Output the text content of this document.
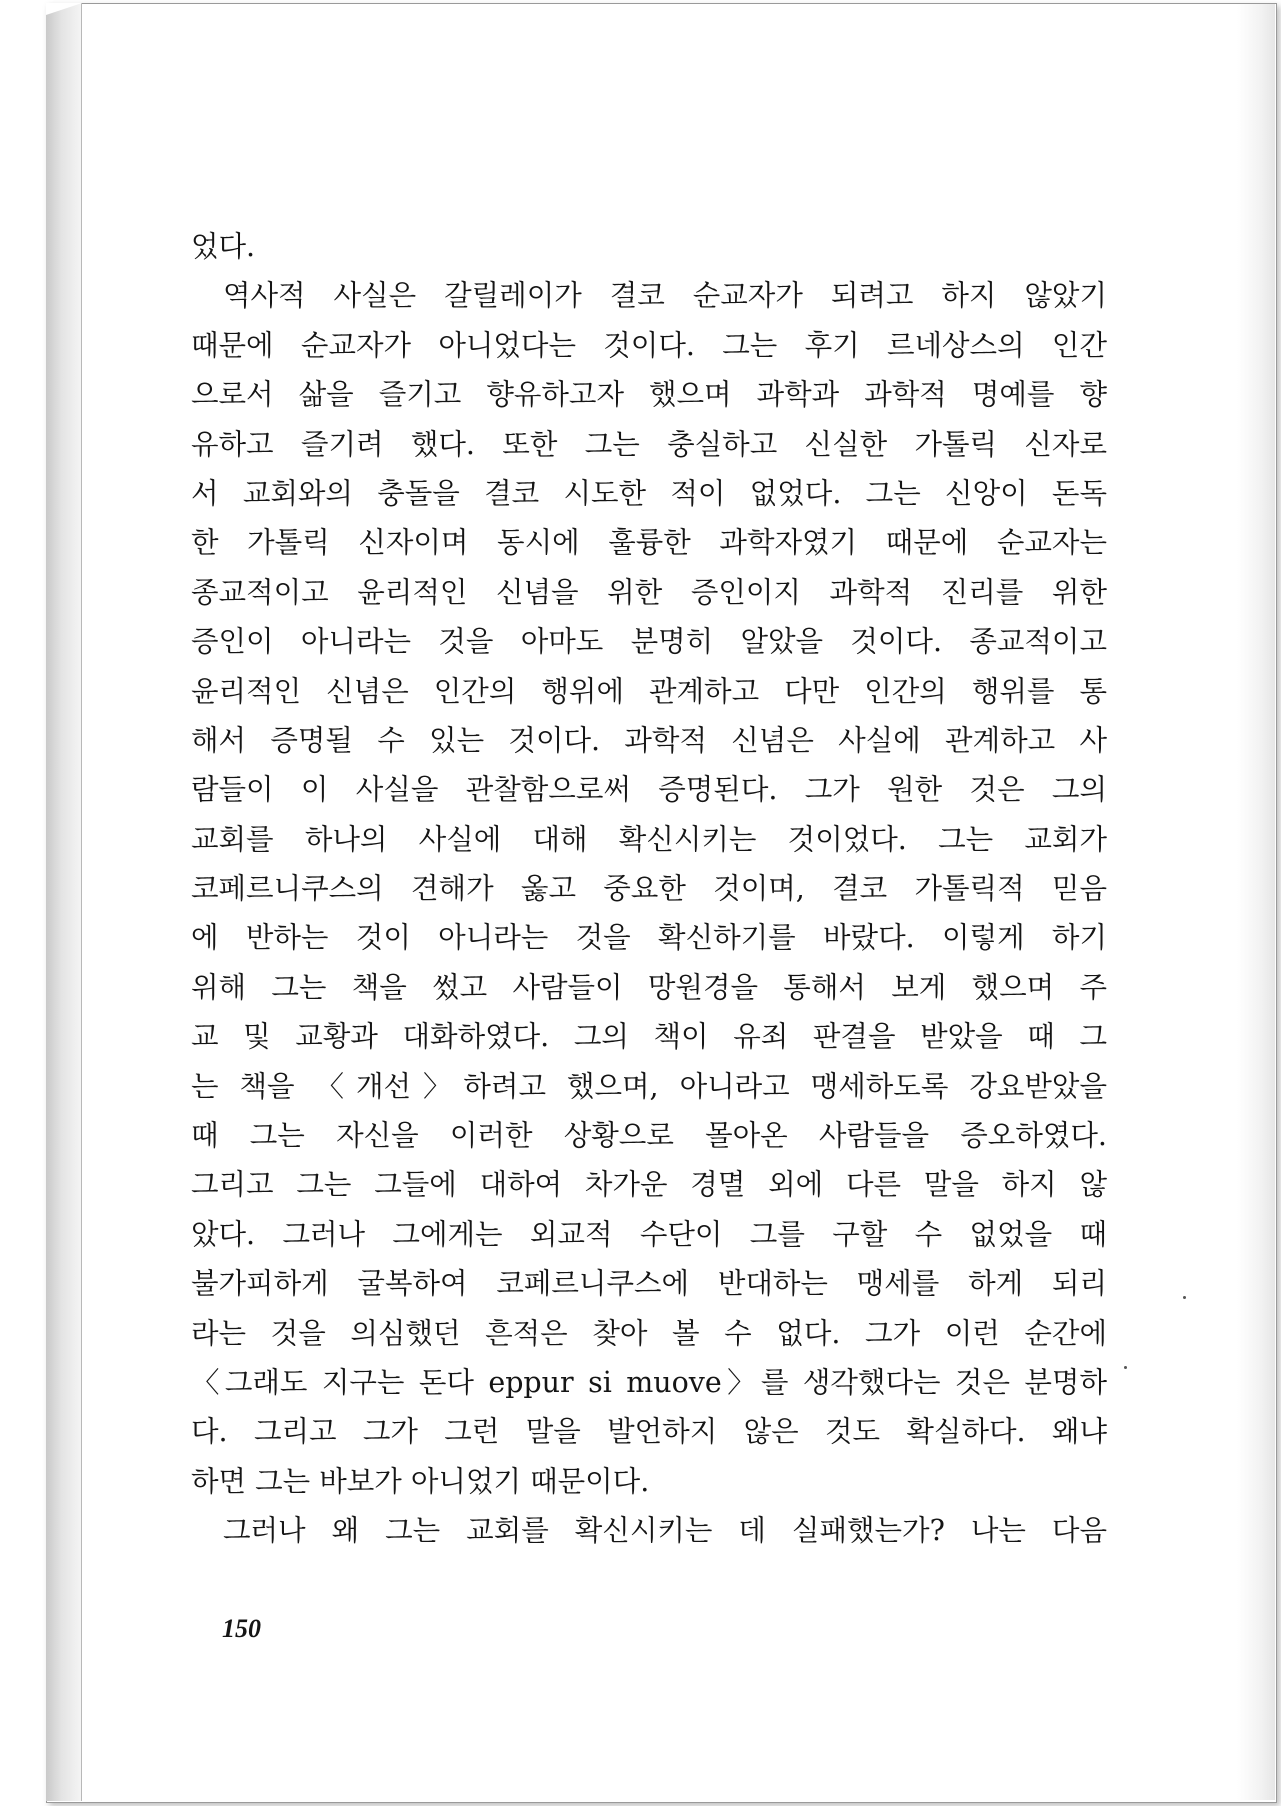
었다.
역사적 사실은 갈릴레이가 결코 순교자가 되려고 하지 않았기
때문에 순교자가 아니었다는 것이다. 그는 후기 르네상스의 인간
으로서 삶을 즐기고 향유하고자 했으며 과학과 과학적 명예를 향
유하고 즐기려 했다. 또한 그는 충실하고 신실한 가톨릭 신자로
서 교회와의 충돌을 결코 시도한 적이 없었다. 그는 신앙이 돈독
한 가톨릭 신자이며 동시에 훌륭한 과학자였기 때문에 순교자는
종교적이고 윤리적인 신념을 위한 증인이지 과학적 진리를 위한
증인이 아니라는 것을 아마도 분명히 알았을 것이다. 종교적이고
윤리적인 신념은 인간의 행위에 관계하고 다만 인간의 행위를 통
해서 증명될 수 있는 것이다. 과학적 신념은 사실에 관계하고 사
람들이 이 사실을 관찰함으로써 증명된다. 그가 원한 것은 그의
교회를 하나의 사실에 대해 확신시키는 것이었다. 그는 교회가
코페르니쿠스의 견해가 옳고 중요한 것이며, 결코 가톨릭적 믿음
에 반하는 것이 아니라는 것을 확신하기를 바랐다. 이렇게 하기
위해 그는 책을 썼고 사람들이 망원경을 통해서 보게 했으며 주
교 및 교황과 대화하였다. 그의 책이 유죄 판결을 받았을 때 그
는 책을 〈개선〉하려고 했으며, 아니라고 맹세하도록 강요받았을
때 그는 자신을 이러한 상황으로 몰아온 사람들을 증오하였다.
그리고 그는 그들에 대하여 차가운 경멸 외에 다른 말을 하지 않
았다. 그러나 그에게는 외교적 수단이 그를 구할 수 없었을 때
불가피하게 굴복하여 코페르니쿠스에 반대하는 맹세를 하게 되리
라는 것을 의심했던 흔적은 찾아 볼 수 없다. 그가 이런 순간에
〈그래도 지구는 돈다 eppur si muove〉를 생각했다는 것은 분명하
다. 그리고 그가 그런 말을 발언하지 않은 것도 확실하다. 왜냐
하면 그는 바보가 아니었기 때문이다.
그러나 왜 그는 교회를 확신시키는 데 실패했는가? 나는 다음
150
